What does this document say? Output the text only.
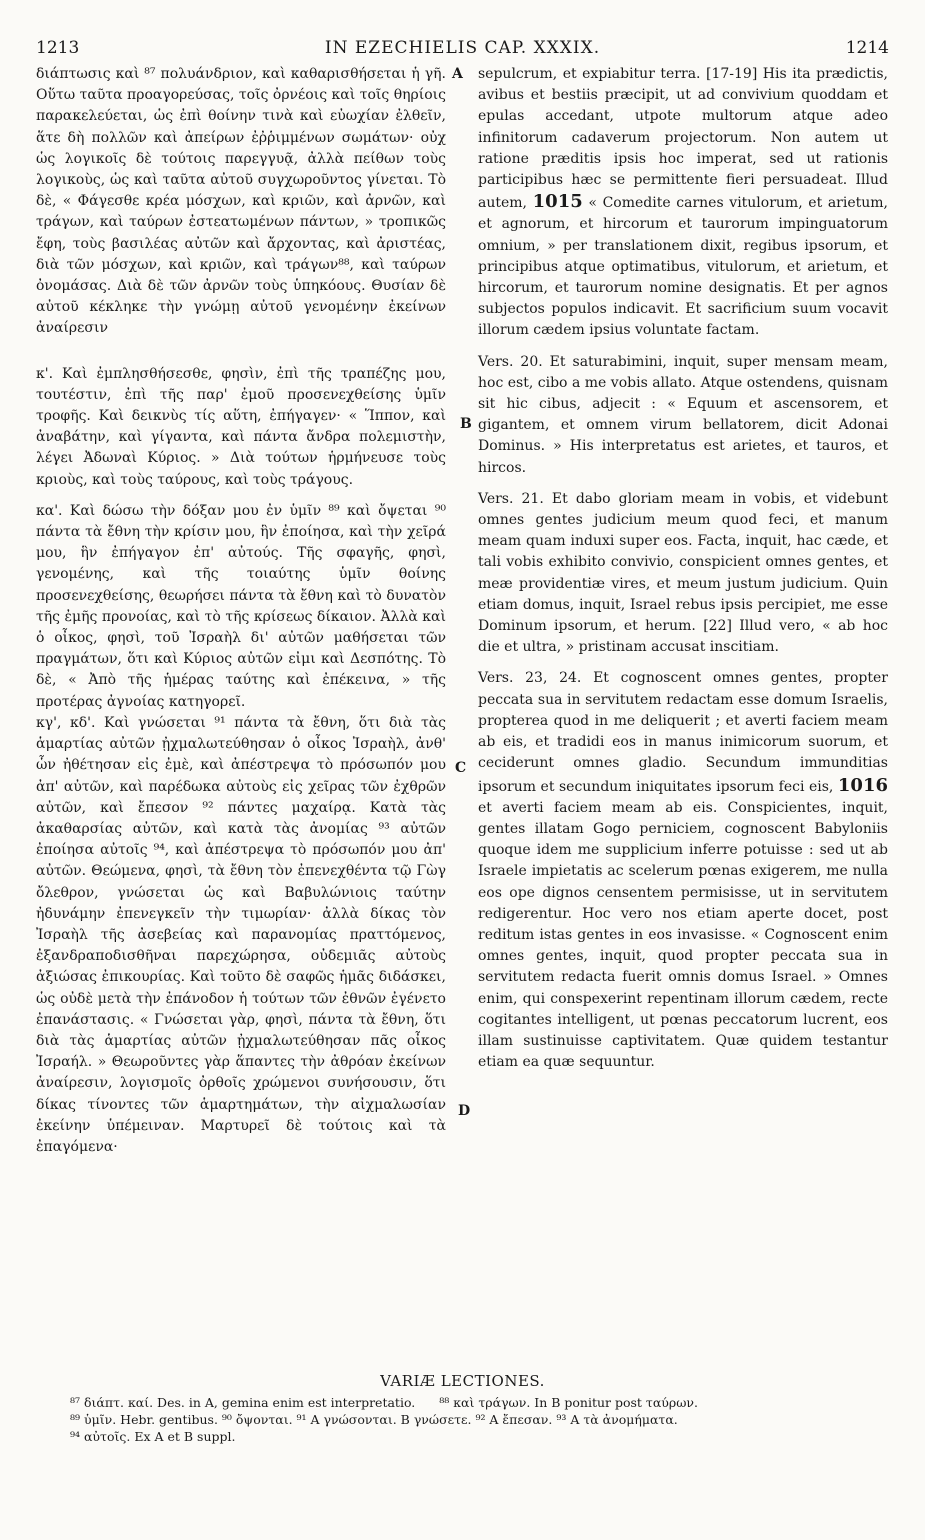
1213	IN EZECHIELIS CAP. XXXIX.	1214
A
B
C
D

διάπτωσις καὶ ⁸⁷ πολυάνδριον, καὶ καθαρισθήσεται ἡ γῆ. Οὕτω ταῦτα προαγορεύσας, τοῖς ὀρνέοις καὶ τοῖς θηρίοις παρακελεύεται, ὡς ἐπὶ θοίνην τινὰ καὶ εὐωχίαν ἐλθεῖν, ἅτε δὴ πολλῶν καὶ ἀπείρων ἐῤῥιμμένων σωμάτων· οὐχ ὡς λογικοῖς δὲ τούτοις παρεγγυᾷ, ἀλλὰ πείθων τοὺς λογικοὺς, ὡς καὶ ταῦτα αὐτοῦ συγχωροῦντος γίνεται. Τὸ δὲ, « Φάγεσθε κρέα μόσχων, καὶ κριῶν, καὶ ἀρνῶν, καὶ τράγων, καὶ ταύρων ἐστεατωμένων πάντων, » τροπικῶς ἔφη, τοὺς βασιλέας αὐτῶν καὶ ἄρχοντας, καὶ ἀριστέας, διὰ τῶν μόσχων, καὶ κριῶν, καὶ τράγων⁸⁸, καὶ ταύρων ὀνομάσας. Διὰ δὲ τῶν ἀρνῶν τοὺς ὑπηκόους. Θυσίαν δὲ αὐτοῦ κέκληκε τὴν γνώμῃ αὐτοῦ γενομένην ἐκείνων ἀναίρεσιν

κ'. Καὶ ἐμπλησθήσεσθε, φησὶν, ἐπὶ τῆς τραπέζης μου, τουτέστιν, ἐπὶ τῆς παρ' ἐμοῦ προσενεχθείσης ὑμῖν τροφῆς. Καὶ δεικνὺς τίς αὕτη, ἐπήγαγεν· « Ἵππον, καὶ ἀναβάτην, καὶ γίγαντα, καὶ πάντα ἄνδρα πολεμιστὴν, λέγει Ἀδωναὶ Κύριος. » Διὰ τούτων ἡρμήνευσε τοὺς κριοὺς, καὶ τοὺς ταύρους, καὶ τοὺς τράγους.

κα'. Καὶ δώσω τὴν δόξαν μου ἐν ὑμῖν ⁸⁹ καὶ ὄψεται ⁹⁰ πάντα τὰ ἔθνη τὴν κρίσιν μου, ἣν ἐποίησα, καὶ τὴν χεῖρά μου, ἣν ἐπήγαγον ἐπ' αὐτούς. Τῆς σφαγῆς, φησὶ, γενομένης, καὶ τῆς τοιαύτης ὑμῖν θοίνης προσενεχθείσης, θεωρήσει πάντα τὰ ἔθνη καὶ τὸ δυνατὸν τῆς ἐμῆς προνοίας, καὶ τὸ τῆς κρίσεως δίκαιον. Ἀλλὰ καὶ ὁ οἶκος, φησὶ, τοῦ Ἰσραὴλ δι' αὐτῶν μαθήσεται τῶν πραγμάτων, ὅτι καὶ Κύριος αὐτῶν εἰμι καὶ Δεσπότης. Τὸ δὲ, « Ἀπὸ τῆς ἡμέρας ταύτης καὶ ἐπέκεινα, » τῆς προτέρας ἀγνοίας κατηγορεῖ.

κγ', κδ'. Καὶ γνώσεται ⁹¹ πάντα τὰ ἔθνη, ὅτι διὰ τὰς ἁμαρτίας αὐτῶν ᾐχμαλωτεύθησαν ὁ οἶκος Ἰσραὴλ, ἀνθ' ὧν ἠθέτησαν εἰς ἐμὲ, καὶ ἀπέστρεψα τὸ πρόσωπόν μου ἀπ' αὐτῶν, καὶ παρέδωκα αὐτοὺς εἰς χεῖρας τῶν ἐχθρῶν αὐτῶν, καὶ ἔπεσον ⁹² πάντες μαχαίρᾳ. Κατὰ τὰς ἀκαθαρσίας αὐτῶν, καὶ κατὰ τὰς ἀνομίας ⁹³ αὐτῶν ἐποίησα αὐτοῖς ⁹⁴, καὶ ἀπέστρεψα τὸ πρόσωπόν μου ἀπ' αὐτῶν. Θεώμενα, φησὶ, τὰ ἔθνη τὸν ἐπενεχθέντα τῷ Γὼγ ὄλεθρον, γνώσεται ὡς καὶ Βαβυλώνιοις ταύτην ἠδυνάμην ἐπενεγκεῖν τὴν τιμωρίαν· ἀλλὰ δίκας τὸν Ἰσραὴλ τῆς ἀσεβείας καὶ παρανομίας πραττόμενος, ἐξανδραποδισθῆναι παρεχώρησα, οὐδεμιᾶς αὐτοὺς ἀξιώσας ἐπικουρίας. Καὶ τοῦτο δὲ σαφῶς ἡμᾶς διδάσκει, ὡς οὐδὲ μετὰ τὴν ἐπάνοδον ἡ τούτων τῶν ἐθνῶν ἐγένετο ἐπανάστασις. « Γνώσεται γὰρ, φησὶ, πάντα τὰ ἔθνη, ὅτι διὰ τὰς ἁμαρτίας αὐτῶν ᾐχμαλωτεύθησαν πᾶς οἶκος Ἰσραήλ. » Θεωροῦντες γὰρ ἅπαντες τὴν ἀθρόαν ἐκείνων ἀναίρεσιν, λογισμοῖς ὀρθοῖς χρώμενοι συνήσουσιν, ὅτι δίκας τίνοντες τῶν ἁμαρτημάτων, τὴν αἰχμαλωσίαν ἐκείνην ὑπέμειναν. Μαρτυρεῖ δὲ τούτοις καὶ τὰ ἐπαγόμενα·

sepulcrum, et expiabitur terra. [17-19] His ita prædictis, avibus et bestiis præcipit, ut ad convivium quoddam et epulas accedant, utpote multorum atque adeo infinitorum cadaverum projectorum. Non autem ut ratione præditis ipsis hoc imperat, sed ut rationis participibus hæc se permittente fieri persuadeat. Illud autem, 1015 « Comedite carnes vitulorum, et arietum, et agnorum, et hircorum et taurorum impinguatorum omnium, » per translationem dixit, regibus ipsorum, et principibus atque optimatibus, vitulorum, et arietum, et hircorum, et taurorum nomine designatis. Et per agnos subjectos populos indicavit. Et sacrificium suum vocavit illorum cædem ipsius voluntate factam.

Vers. 20. Et saturabimini, inquit, super mensam meam, hoc est, cibo a me vobis allato. Atque ostendens, quisnam sit hic cibus, adjecit : « Equum et ascensorem, et gigantem, et omnem virum bellatorem, dicit Adonai Dominus. » His interpretatus est arietes, et tauros, et hircos.

Vers. 21. Et dabo gloriam meam in vobis, et videbunt omnes gentes judicium meum quod feci, et manum meam quam induxi super eos. Facta, inquit, hac cæde, et tali vobis exhibito convivio, conspicient omnes gentes, et meæ providentiæ vires, et meum justum judicium. Quin etiam domus, inquit, Israel rebus ipsis percipiet, me esse Dominum ipsorum, et herum. [22] Illud vero, « ab hoc die et ultra, » pristinam accusat inscitiam.

Vers. 23, 24. Et cognoscent omnes gentes, propter peccata sua in servitutem redactam esse domum Israelis, propterea quod in me deliquerit ; et averti faciem meam ab eis, et tradidi eos in manus inimicorum suorum, et ceciderunt omnes gladio. Secundum immunditias ipsorum et secundum iniquitates ipsorum feci eis, 1016 et averti faciem meam ab eis. Conspicientes, inquit, gentes illatam Gogo perniciem, cognoscent Babyloniis quoque idem me supplicium inferre potuisse : sed ut ab Israele impietatis ac scelerum pœnas exigerem, me nulla eos ope dignos censentem permisisse, ut in servitutem redigerentur. Hoc vero nos etiam aperte docet, post reditum istas gentes in eos invasisse. « Cognoscent enim omnes gentes, inquit, quod propter peccata sua in servitutem redacta fuerit omnis domus Israel. » Omnes enim, qui conspexerint repentinam illorum cædem, recte cogitantes intelligent, ut pœnas peccatorum lucrent, eos illam sustinuisse captivitatem. Quæ quidem testantur etiam ea quæ sequuntur.

VARIÆ LECTIONES.
⁸⁷ διάπτ. καί. Des. in A, gemina enim est interpretatio. ⁸⁸ καὶ τράγων. In B ponitur post ταύρων.
⁸⁹ ὑμῖν. Hebr. gentibus. ⁹⁰ ὄψονται. ⁹¹ A γνώσονται. B γνώσετε. ⁹² A ἔπεσαν. ⁹³ A τὰ ἀνομήματα.
⁹⁴ αὐτοῖς. Ex A et B suppl.
